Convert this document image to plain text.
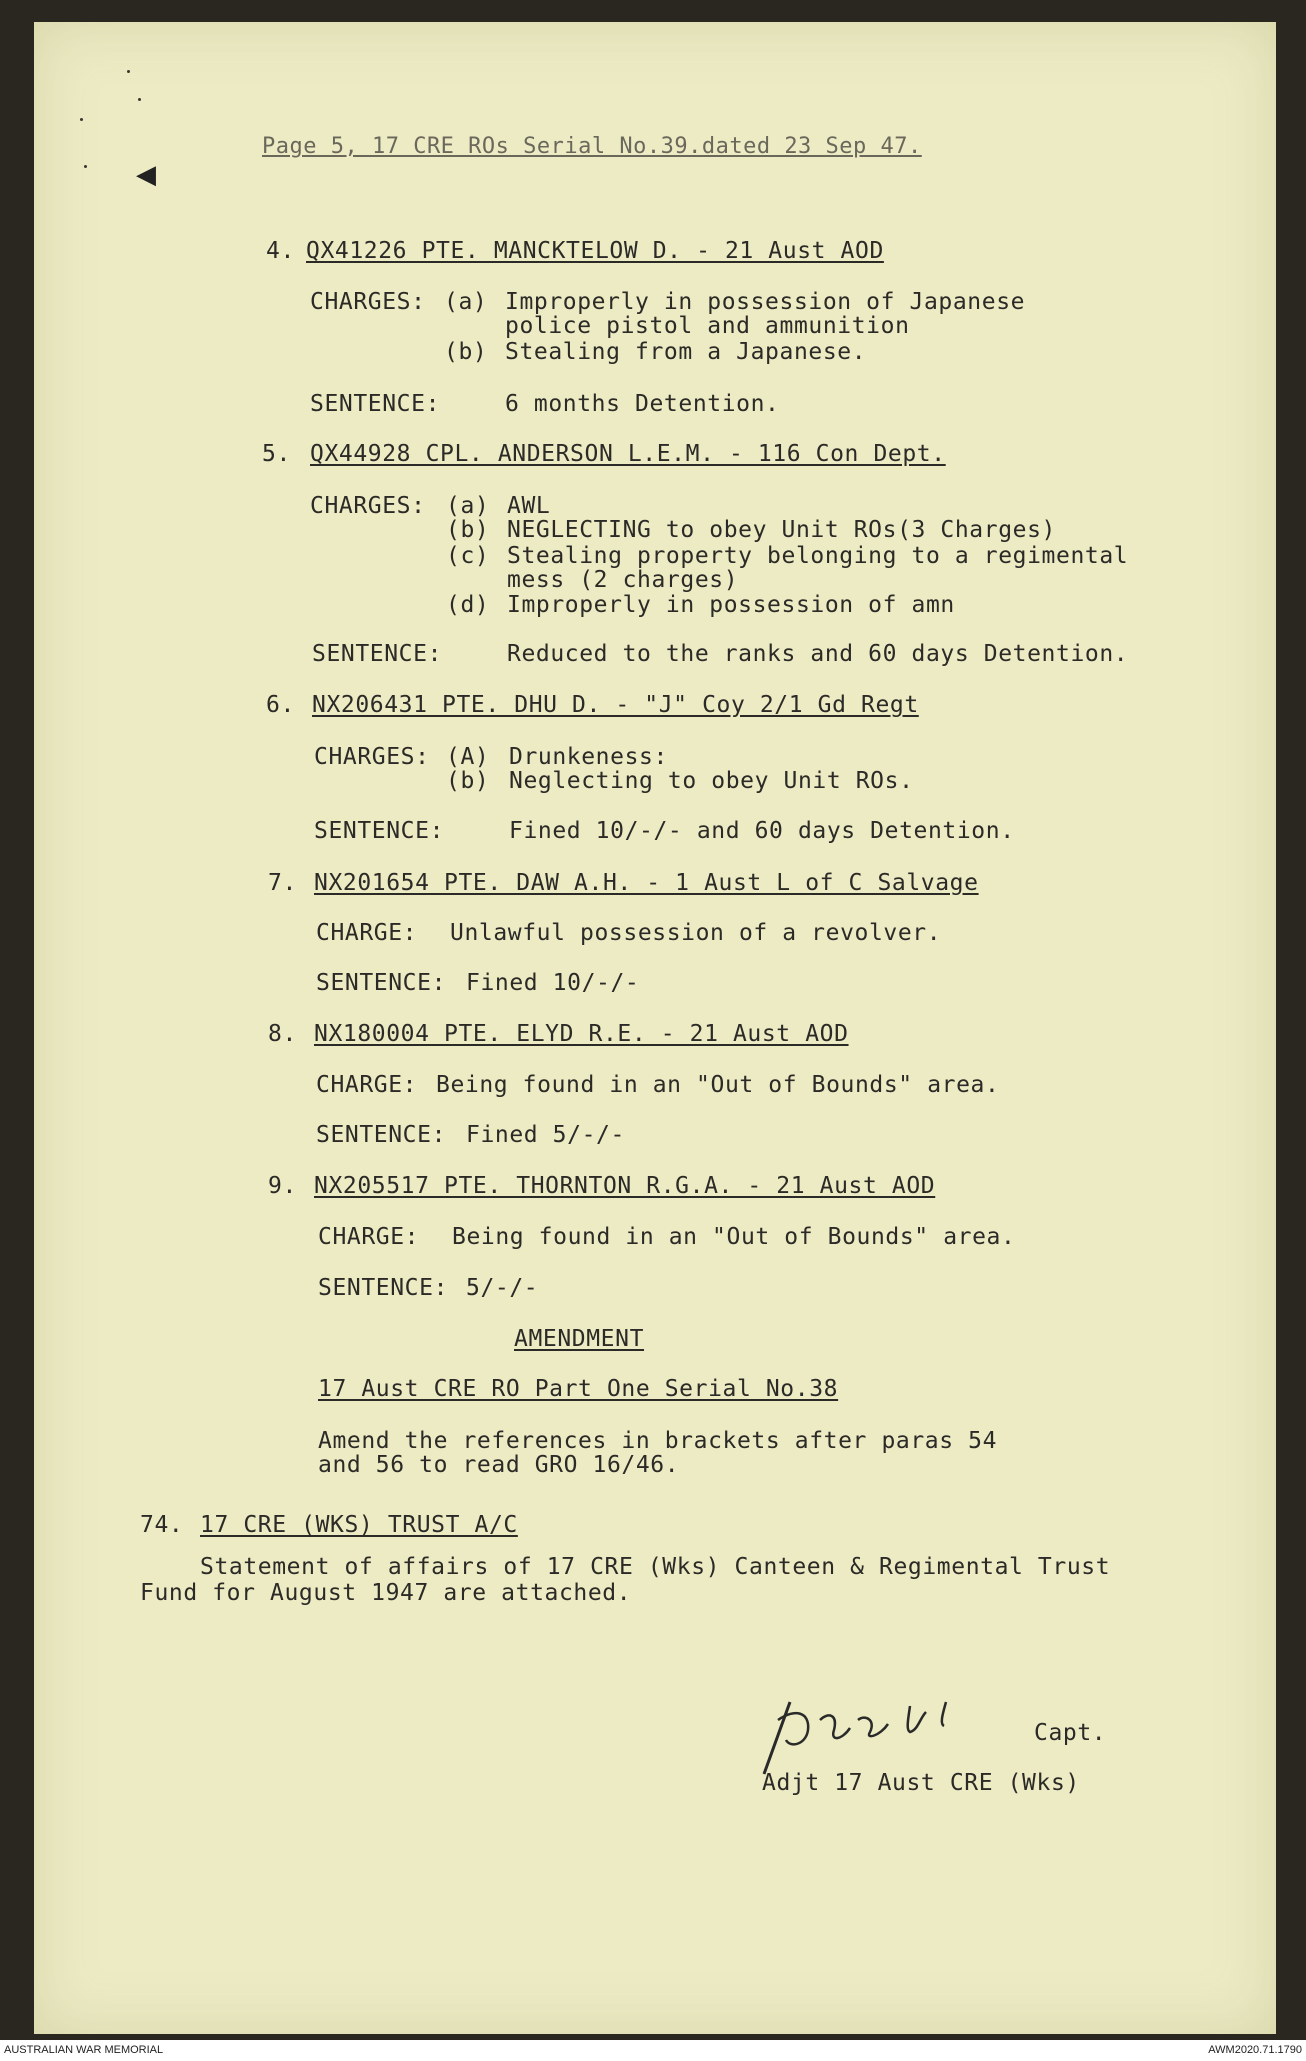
◀
Page 5, 17 CRE ROs Serial No.39.dated 23 Sep 47.
4. QX41226 PTE. MANCKTELOW D. - 21 Aust AOD
CHARGES: (a) Improperly in possession of Japanese
police pistol and ammunition
(b) Stealing from a Japanese.
SENTENCE:	6 months Detention.
5. QX44928 CPL. ANDERSON L.E.M. - 116 Con Dept.
CHARGES: (a) AWL
(b) NEGLECTING to obey Unit ROs(3 Charges)
(c) Stealing property belonging to a regimental
mess (2 charges)
(d) Improperly in possession of amn
SENTENCE:	Reduced to the ranks and 60 days Detention.
6. NX206431 PTE. DHU D. - "J" Coy 2/1 Gd Regt
CHARGES: (A) Drunkeness:
(b) Neglecting to obey Unit ROs.
SENTENCE:	Fined 10/-/- and 60 days Detention.
7. NX201654 PTE. DAW A.H. - 1 Aust L of C Salvage
CHARGE: Unlawful possession of a revolver.
SENTENCE: Fined 10/-/-
8. NX180004 PTE. ELYD R.E. - 21 Aust AOD
CHARGE: Being found in an "Out of Bounds" area.
SENTENCE: Fined 5/-/-
9. NX205517 PTE. THORNTON R.G.A. - 21 Aust AOD
CHARGE: Being found in an "Out of Bounds" area.
SENTENCE: 5/-/-
AMENDMENT
17 Aust CRE RO Part One Serial No.38
Amend the references in brackets after paras 54
and 56 to read GRO 16/46.
74. 17 CRE (WKS) TRUST A/C
Statement of affairs of 17 CRE (Wks) Canteen & Regimental Trust
Fund for August 1947 are attached.
Capt.
Adjt 17 Aust CRE (Wks)
AUSTRALIAN WAR MEMORIAL	AWM2020.71.1790
